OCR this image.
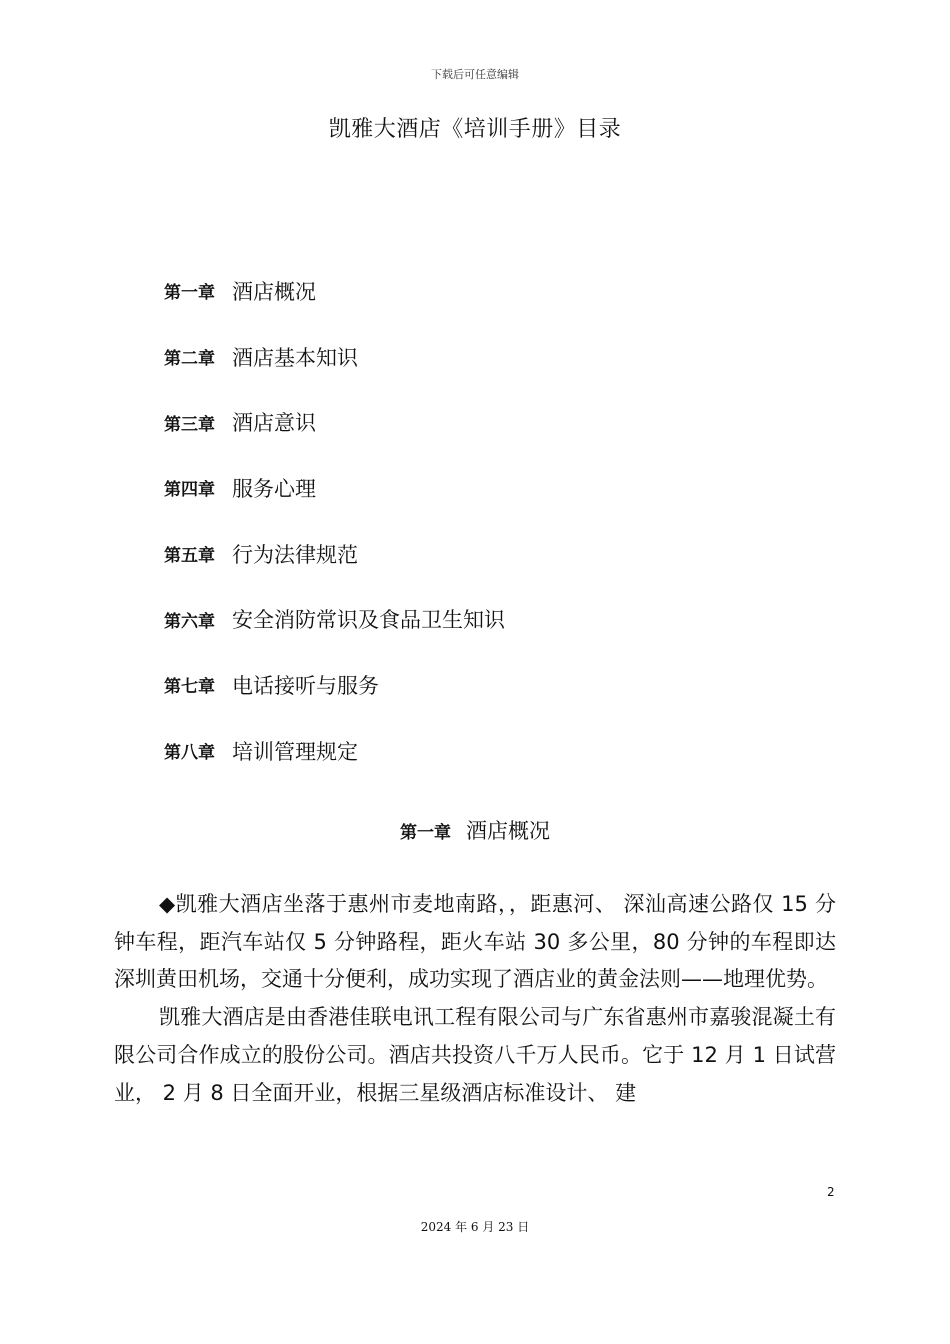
下载后可任意编辑
凯雅大酒店《培训手册》目录
第一章 酒店概况
第二章 酒店基本知识
第三章 酒店意识
第四章 服务心理
第五章 行为法律规范
第六章 安全消防常识及食品卫生知识
第七章 电话接听与服务
第八章 培训管理规定
第一章 酒店概况

◆凯雅大酒店坐落于惠州市麦地南路，，距惠河、 深汕高速公路仅 15 分钟车程，距汽车站仅 5 分钟路程，距火车站 30 多公里，80 分钟的车程即达深圳黄田机场，交通十分便利，成功实现了酒店业的黄金法则——地理优势。

凯雅大酒店是由香港佳联电讯工程有限公司与广东省惠州市嘉骏混凝土有限公司合作成立的股份公司。酒店共投资八千万人民币。它于 12 月 1 日试营业， 2 月 8 日全面开业，根据三星级酒店标准设计、 建

2
2024 年 6 月 23 日
